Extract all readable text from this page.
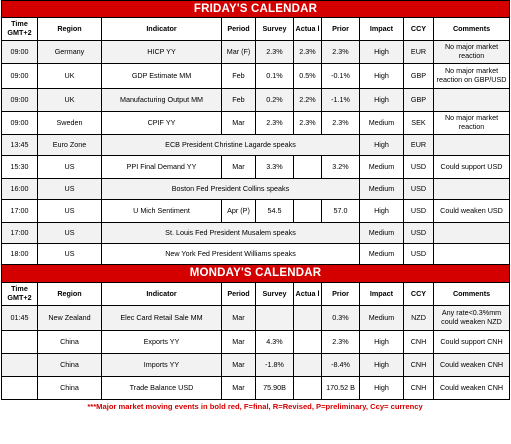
FRIDAY'S CALENDAR									
Time GMT+2	Region	Indicator	Period	Survey	Actua l	Prior	Impact	CCY	Comments
09:00	Germany	HICP YY	Mar (F)	2.3%	2.3%	2.3%	High	EUR	No major market reaction
09:00	UK	GDP Estimate MM	Feb	0.1%	0.5%	-0.1%	High	GBP	No major market reaction on GBP/USD
09:00	UK	Manufacturing Output MM	Feb	0.2%	2.2%	-1.1%	High	GBP	
09:00	Sweden	CPIF YY	Mar	2.3%	2.3%	2.3%	Medium	SEK	No major market reaction
13:45	Euro Zone	ECB President Christine Lagarde speaks					High	EUR	
15:30	US	PPI Final Demand YY	Mar	3.3%		3.2%	Medium	USD	Could support USD
16:00	US	Boston Fed President Collins speaks					Medium	USD	
17:00	US	U Mich Sentiment	Apr (P)	54.5		57.0	High	USD	Could weaken USD
17:00	US	St. Louis Fed President Musalem speaks					Medium	USD	
18:00	US	New York Fed President Williams speaks					Medium	USD	
MONDAY'S CALENDAR									
Time GMT+2	Region	Indicator	Period	Survey	Actua l	Prior	Impact	CCY	Comments
01:45	New Zealand	Elec Card Retail Sale MM	Mar			0.3%	Medium	NZD	Any rate<0.3%mm could weaken NZD
	China	Exports YY	Mar	4.3%		2.3%	High	CNH	Could support CNH
	China	Imports YY	Mar	-1.8%		-8.4%	High	CNH	Could weaken CNH
	China	Trade Balance USD	Mar	75.90B		170.52 B	High	CNH	Could weaken CNH
***Major market moving events in bold red, F=final, R=Revised, P=preliminary, Ccy= currency
